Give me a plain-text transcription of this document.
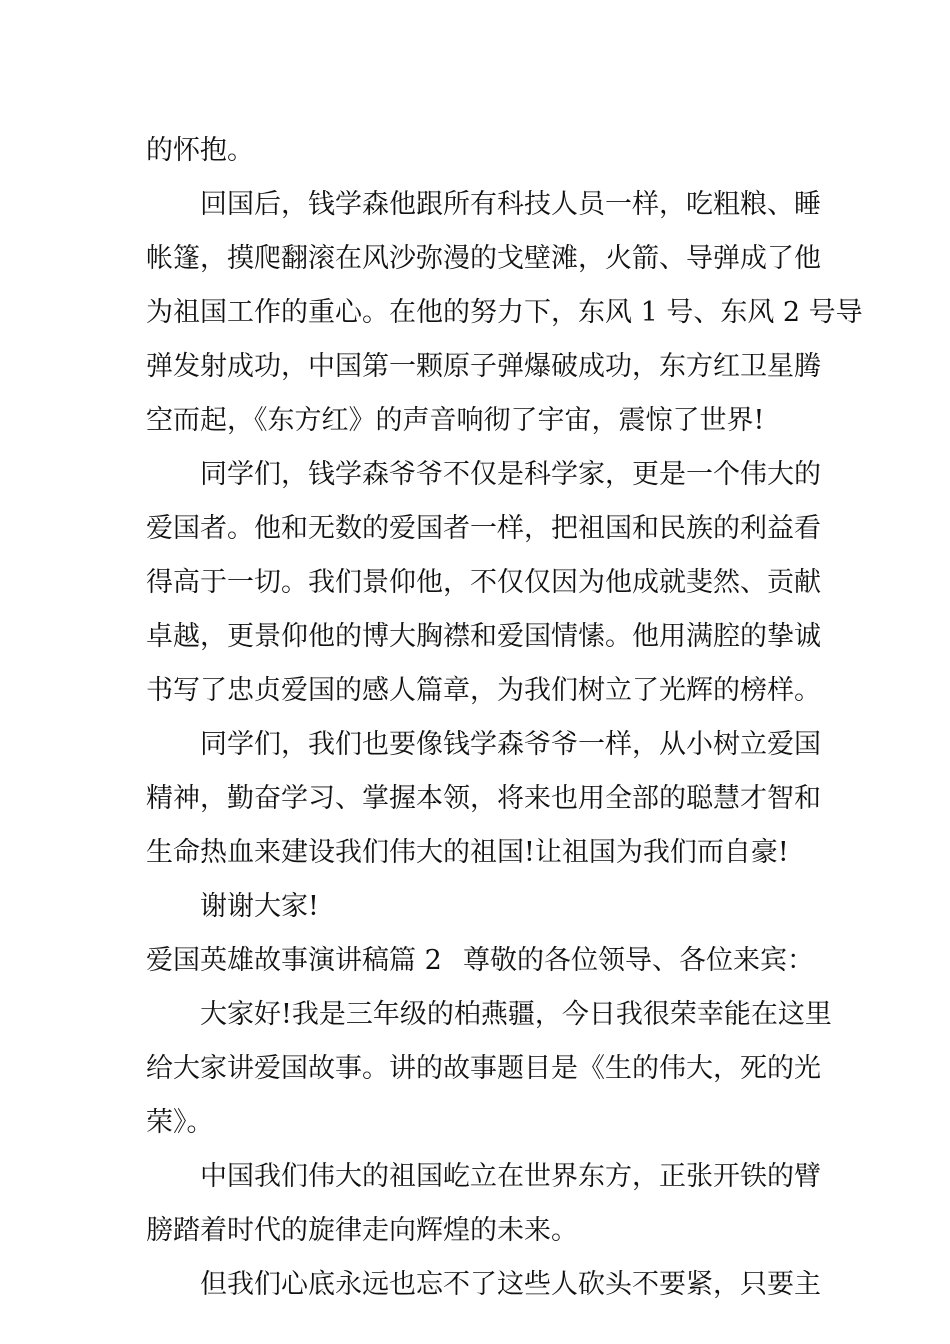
的怀抱。
回国后，钱学森他跟所有科技人员一样，吃粗粮、睡
帐篷，摸爬翻滚在风沙弥漫的戈壁滩，火箭、导弹成了他
为祖国工作的重心。在他的努力下，东风 1 号、东风 2 号导
弹发射成功，中国第一颗原子弹爆破成功，东方红卫星腾
空而起，《东方红》的声音响彻了宇宙，震惊了世界!
同学们，钱学森爷爷不仅是科学家，更是一个伟大的
爱国者。他和无数的爱国者一样，把祖国和民族的利益看
得高于一切。我们景仰他，不仅仅因为他成就斐然、贡献
卓越，更景仰他的博大胸襟和爱国情愫。他用满腔的挚诚
书写了忠贞爱国的感人篇章，为我们树立了光辉的榜样。
同学们，我们也要像钱学森爷爷一样，从小树立爱国
精神，勤奋学习、掌握本领，将来也用全部的聪慧才智和
生命热血来建设我们伟大的祖国!让祖国为我们而自豪!
谢谢大家!
爱国英雄故事演讲稿篇 2 尊敬的各位领导、各位来宾：
大家好!我是三年级的柏燕疆，今日我很荣幸能在这里
给大家讲爱国故事。讲的故事题目是《生的伟大，死的光
荣》。
中国我们伟大的祖国屹立在世界东方，正张开铁的臂
膀踏着时代的旋律走向辉煌的未来。
但我们心底永远也忘不了这些人砍头不要紧，只要主
